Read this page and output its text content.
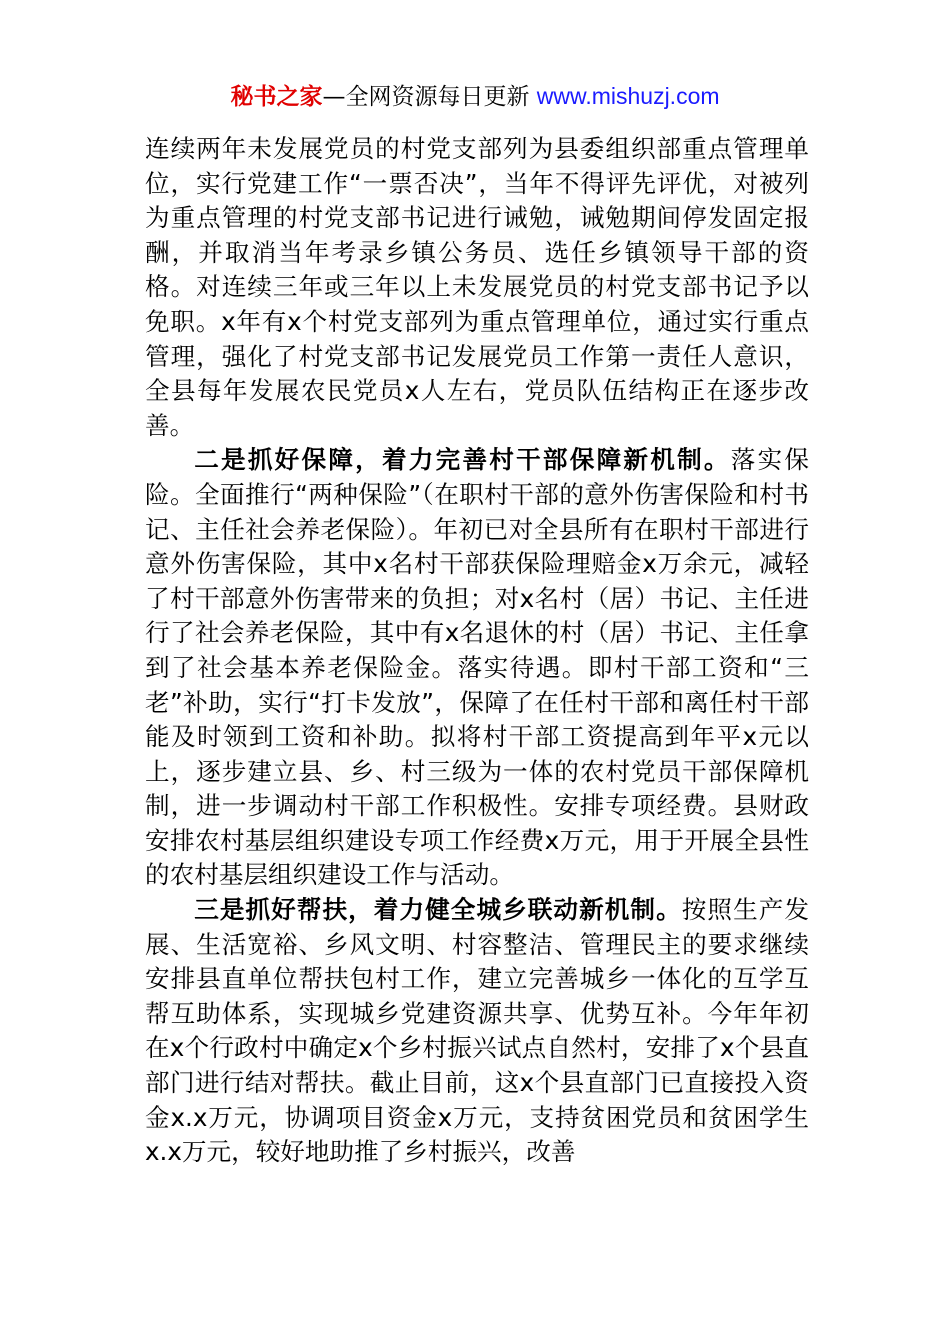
秘书之家—全网资源每日更新 www.mishuzj.com

连续两年未发展党员的村党支部列为县委组织部重点管理单位，实行党建工作“一票否决”，当年不得评先评优，对被列为重点管理的村党支部书记进行诫勉，诫勉期间停发固定报酬，并取消当年考录乡镇公务员、选任乡镇领导干部的资格。对连续三年或三年以上未发展党员的村党支部书记予以免职。x年有x个村党支部列为重点管理单位，通过实行重点管理，强化了村党支部书记发展党员工作第一责任人意识，全县每年发展农民党员x人左右，党员队伍结构正在逐步改善。

二是抓好保障，着力完善村干部保障新机制。落实保险。全面推行“两种保险”（在职村干部的意外伤害保险和村书记、主任社会养老保险）。年初已对全县所有在职村干部进行意外伤害保险，其中x名村干部获保险理赔金x万余元，减轻了村干部意外伤害带来的负担；对x名村（居）书记、主任进行了社会养老保险，其中有x名退休的村（居）书记、主任拿到了社会基本养老保险金。落实待遇。即村干部工资和“三老”补助，实行“打卡发放”，保障了在任村干部和离任村干部能及时领到工资和补助。拟将村干部工资提高到年平x元以上，逐步建立县、乡、村三级为一体的农村党员干部保障机制，进一步调动村干部工作积极性。安排专项经费。县财政安排农村基层组织建设专项工作经费x万元，用于开展全县性的农村基层组织建设工作与活动。

三是抓好帮扶，着力健全城乡联动新机制。按照生产发展、生活宽裕、乡风文明、村容整洁、管理民主的要求继续安排县直单位帮扶包村工作，建立完善城乡一体化的互学互帮互助体系，实现城乡党建资源共享、优势互补。今年年初在x个行政村中确定x个乡村振兴试点自然村，安排了x个县直部门进行结对帮扶。截止目前，这x个县直部门已直接投入资金x.x万元，协调项目资金x万元，支持贫困党员和贫困学生x.x万元，较好地助推了乡村振兴，改善
